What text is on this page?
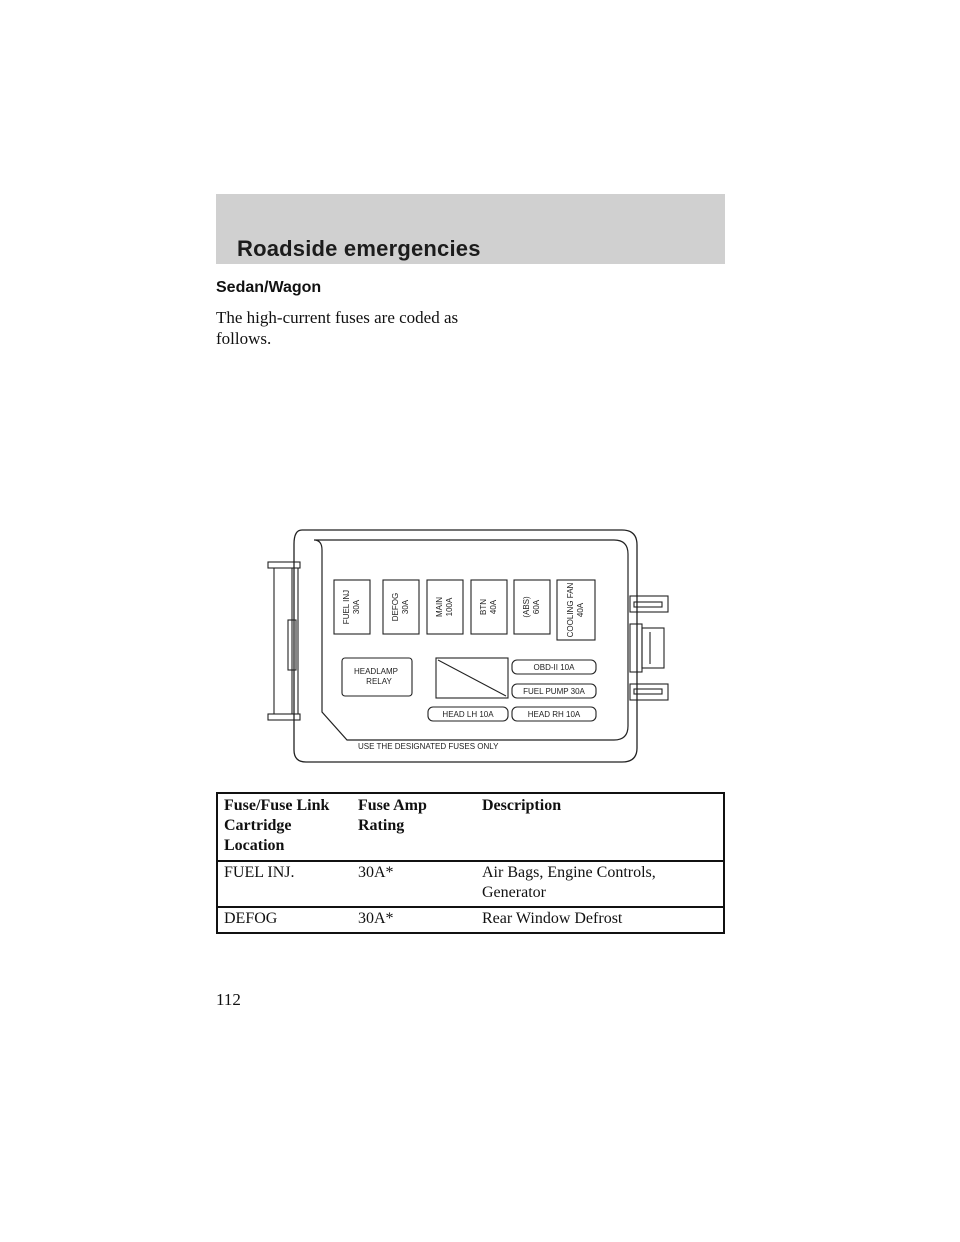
Roadside emergencies
Sedan/Wagon
The high-current fuses are coded as follows.
FUEL INJ 30A	DEFOG 30A	MAIN 100A	BTN 40A	(ABS) 60A	COOLING FAN 40A
HEADLAMP
RELAY
OBD-II 10A
FUEL PUMP 30A
HEAD LH 10A	HEAD RH 10A
USE THE DESIGNATED FUSES ONLY
Fuse/Fuse Link Cartridge Location	Fuse Amp Rating	Description
FUEL INJ.	30A*	Air Bags, Engine Controls, Generator
DEFOG	30A*	Rear Window Defrost
112
